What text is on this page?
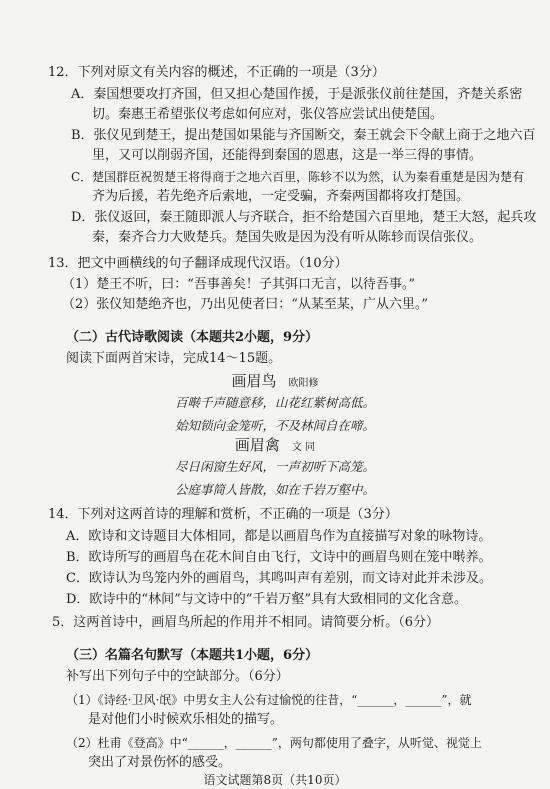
12．下列对原文有关内容的概述，不正确的一项是（3分）
A．秦国想要攻打齐国，但又担心楚国作援，于是派张仪前往楚国，齐楚关系密
切。秦惠王希望张仪考虑如何应对，张仪答应尝试出使楚国。
B．张仪见到楚王，提出楚国如果能与齐国断交，秦王就会下令献上商于之地六百
里，又可以削弱齐国，还能得到秦国的恩惠，这是一举三得的事情。
C．楚国群臣祝贺楚王将得商于之地六百里，陈轸不以为然，认为秦看重楚是因为楚有
齐为后援，若先绝齐后索地，一定受骗，齐秦两国都将攻打楚国。
D．张仪返回，秦王随即派人与齐联合，拒不给楚国六百里地，楚王大怒，起兵攻
秦，秦齐合力大败楚兵。楚国失败是因为没有听从陈轸而误信张仪。
13．把文中画横线的句子翻译成现代汉语。（10分）
（1）楚王不听，曰：“吾事善矣！子其弭口无言，以待吾事。”
（2）张仪知楚绝齐也，乃出见使者曰：“从某至某，广从六里。”
（二）古代诗歌阅读（本题共2小题，9分）
阅读下面两首宋诗，完成14～15题。
画眉鸟 欧阳修
百啭千声随意移，山花红紫树高低。
始知锁向金笼听，不及林间自在啼。
画眉禽 文 同
尽日闲窗生好风，一声初听下高笼。
公庭事简人皆散，如在千岩万壑中。
14．下列对这两首诗的理解和赏析，不正确的一项是（3分）
A．欧诗和文诗题目大体相同，都是以画眉鸟作为直接描写对象的咏物诗。
B．欧诗所写的画眉鸟在花木间自由飞行，文诗中的画眉鸟则在笼中啭养。
C．欧诗认为鸟笼内外的画眉鸟，其鸣叫声有差别，而文诗对此并未涉及。
D．欧诗中的“林间”与文诗中的“千岩万壑”具有大致相同的文化含意。
5．这两首诗中，画眉鸟所起的作用并不相同。请简要分析。（6分）
（三）名篇名句默写（本题共1小题，6分）
补写出下列句子中的空缺部分。（6分）
（1）《诗经·卫风·氓》中男女主人公有过愉悦的往昔，“______，______”，就
是对他们小时候欢乐相处的描写。
（2）杜甫《登高》中“______，______”，两句都使用了叠字，从听觉、视觉上
突出了对景伤怀的感受。
语文试题第8页（共10页）
